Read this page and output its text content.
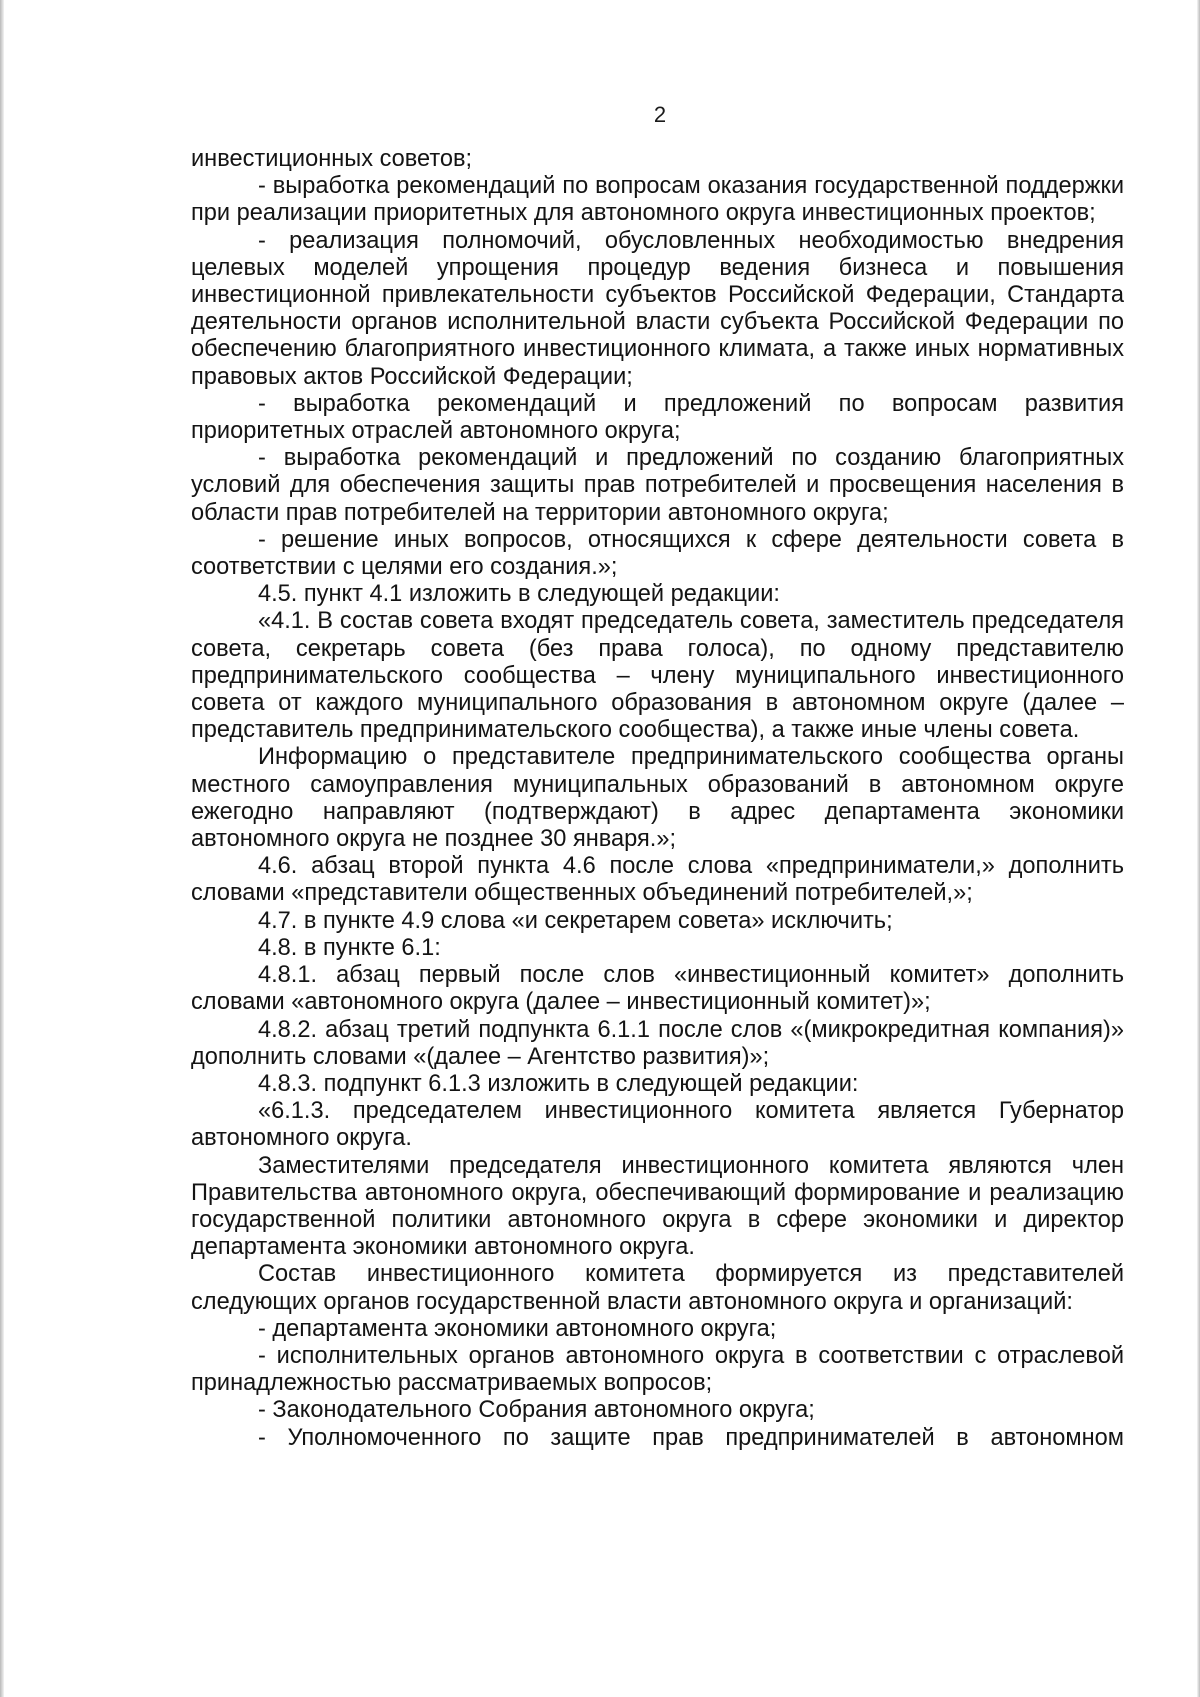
2

инвестиционных советов;

- выработка рекомендаций по вопросам оказания государственной поддержки при реализации приоритетных для автономного округа инвестиционных проектов;

- реализация полномочий, обусловленных необходимостью внедрения целевых моделей упрощения процедур ведения бизнеса и повышения инвестиционной привлекательности субъектов Российской Федерации, Стандарта деятельности органов исполнительной власти субъекта Российской Федерации по обеспечению благоприятного инвестиционного климата, а также иных нормативных правовых актов Российской Федерации;

- выработка рекомендаций и предложений по вопросам развития приоритетных отраслей автономного округа;

- выработка рекомендаций и предложений по созданию благоприятных условий для обеспечения защиты прав потребителей и просвещения населения в области прав потребителей на территории автономного округа;

- решение иных вопросов, относящихся к сфере деятельности совета в соответствии с целями его создания.»;

4.5. пункт 4.1 изложить в следующей редакции:

«4.1. В состав совета входят председатель совета, заместитель председателя совета, секретарь совета (без права голоса), по одному представителю предпринимательского сообщества – члену муниципального инвестиционного совета от каждого муниципального образования в автономном округе (далее – представитель предпринимательского сообщества), а также иные члены совета.

Информацию о представителе предпринимательского сообщества органы местного самоуправления муниципальных образований в автономном округе ежегодно направляют (подтверждают) в адрес департамента экономики автономного округа не позднее 30 января.»;

4.6. абзац второй пункта 4.6 после слова «предприниматели,» дополнить словами «представители общественных объединений потребителей,»;

4.7. в пункте 4.9 слова «и секретарем совета» исключить;

4.8. в пункте 6.1:

4.8.1. абзац первый после слов «инвестиционный комитет» дополнить словами «автономного округа (далее – инвестиционный комитет)»;

4.8.2. абзац третий подпункта 6.1.1 после слов «(микрокредитная компания)» дополнить словами «(далее – Агентство развития)»;

4.8.3. подпункт 6.1.3 изложить в следующей редакции:

«6.1.3. председателем инвестиционного комитета является Губернатор автономного округа.

Заместителями председателя инвестиционного комитета являются член Правительства автономного округа, обеспечивающий формирование и реализацию государственной политики автономного округа в сфере экономики и директор департамента экономики автономного округа.

Состав инвестиционного комитета формируется из представителей следующих органов государственной власти автономного округа и организаций:

- департамента экономики автономного округа;

- исполнительных органов автономного округа в соответствии с отраслевой принадлежностью рассматриваемых вопросов;

- Законодательного Собрания автономного округа;

- Уполномоченного по защите прав предпринимателей в автономном
